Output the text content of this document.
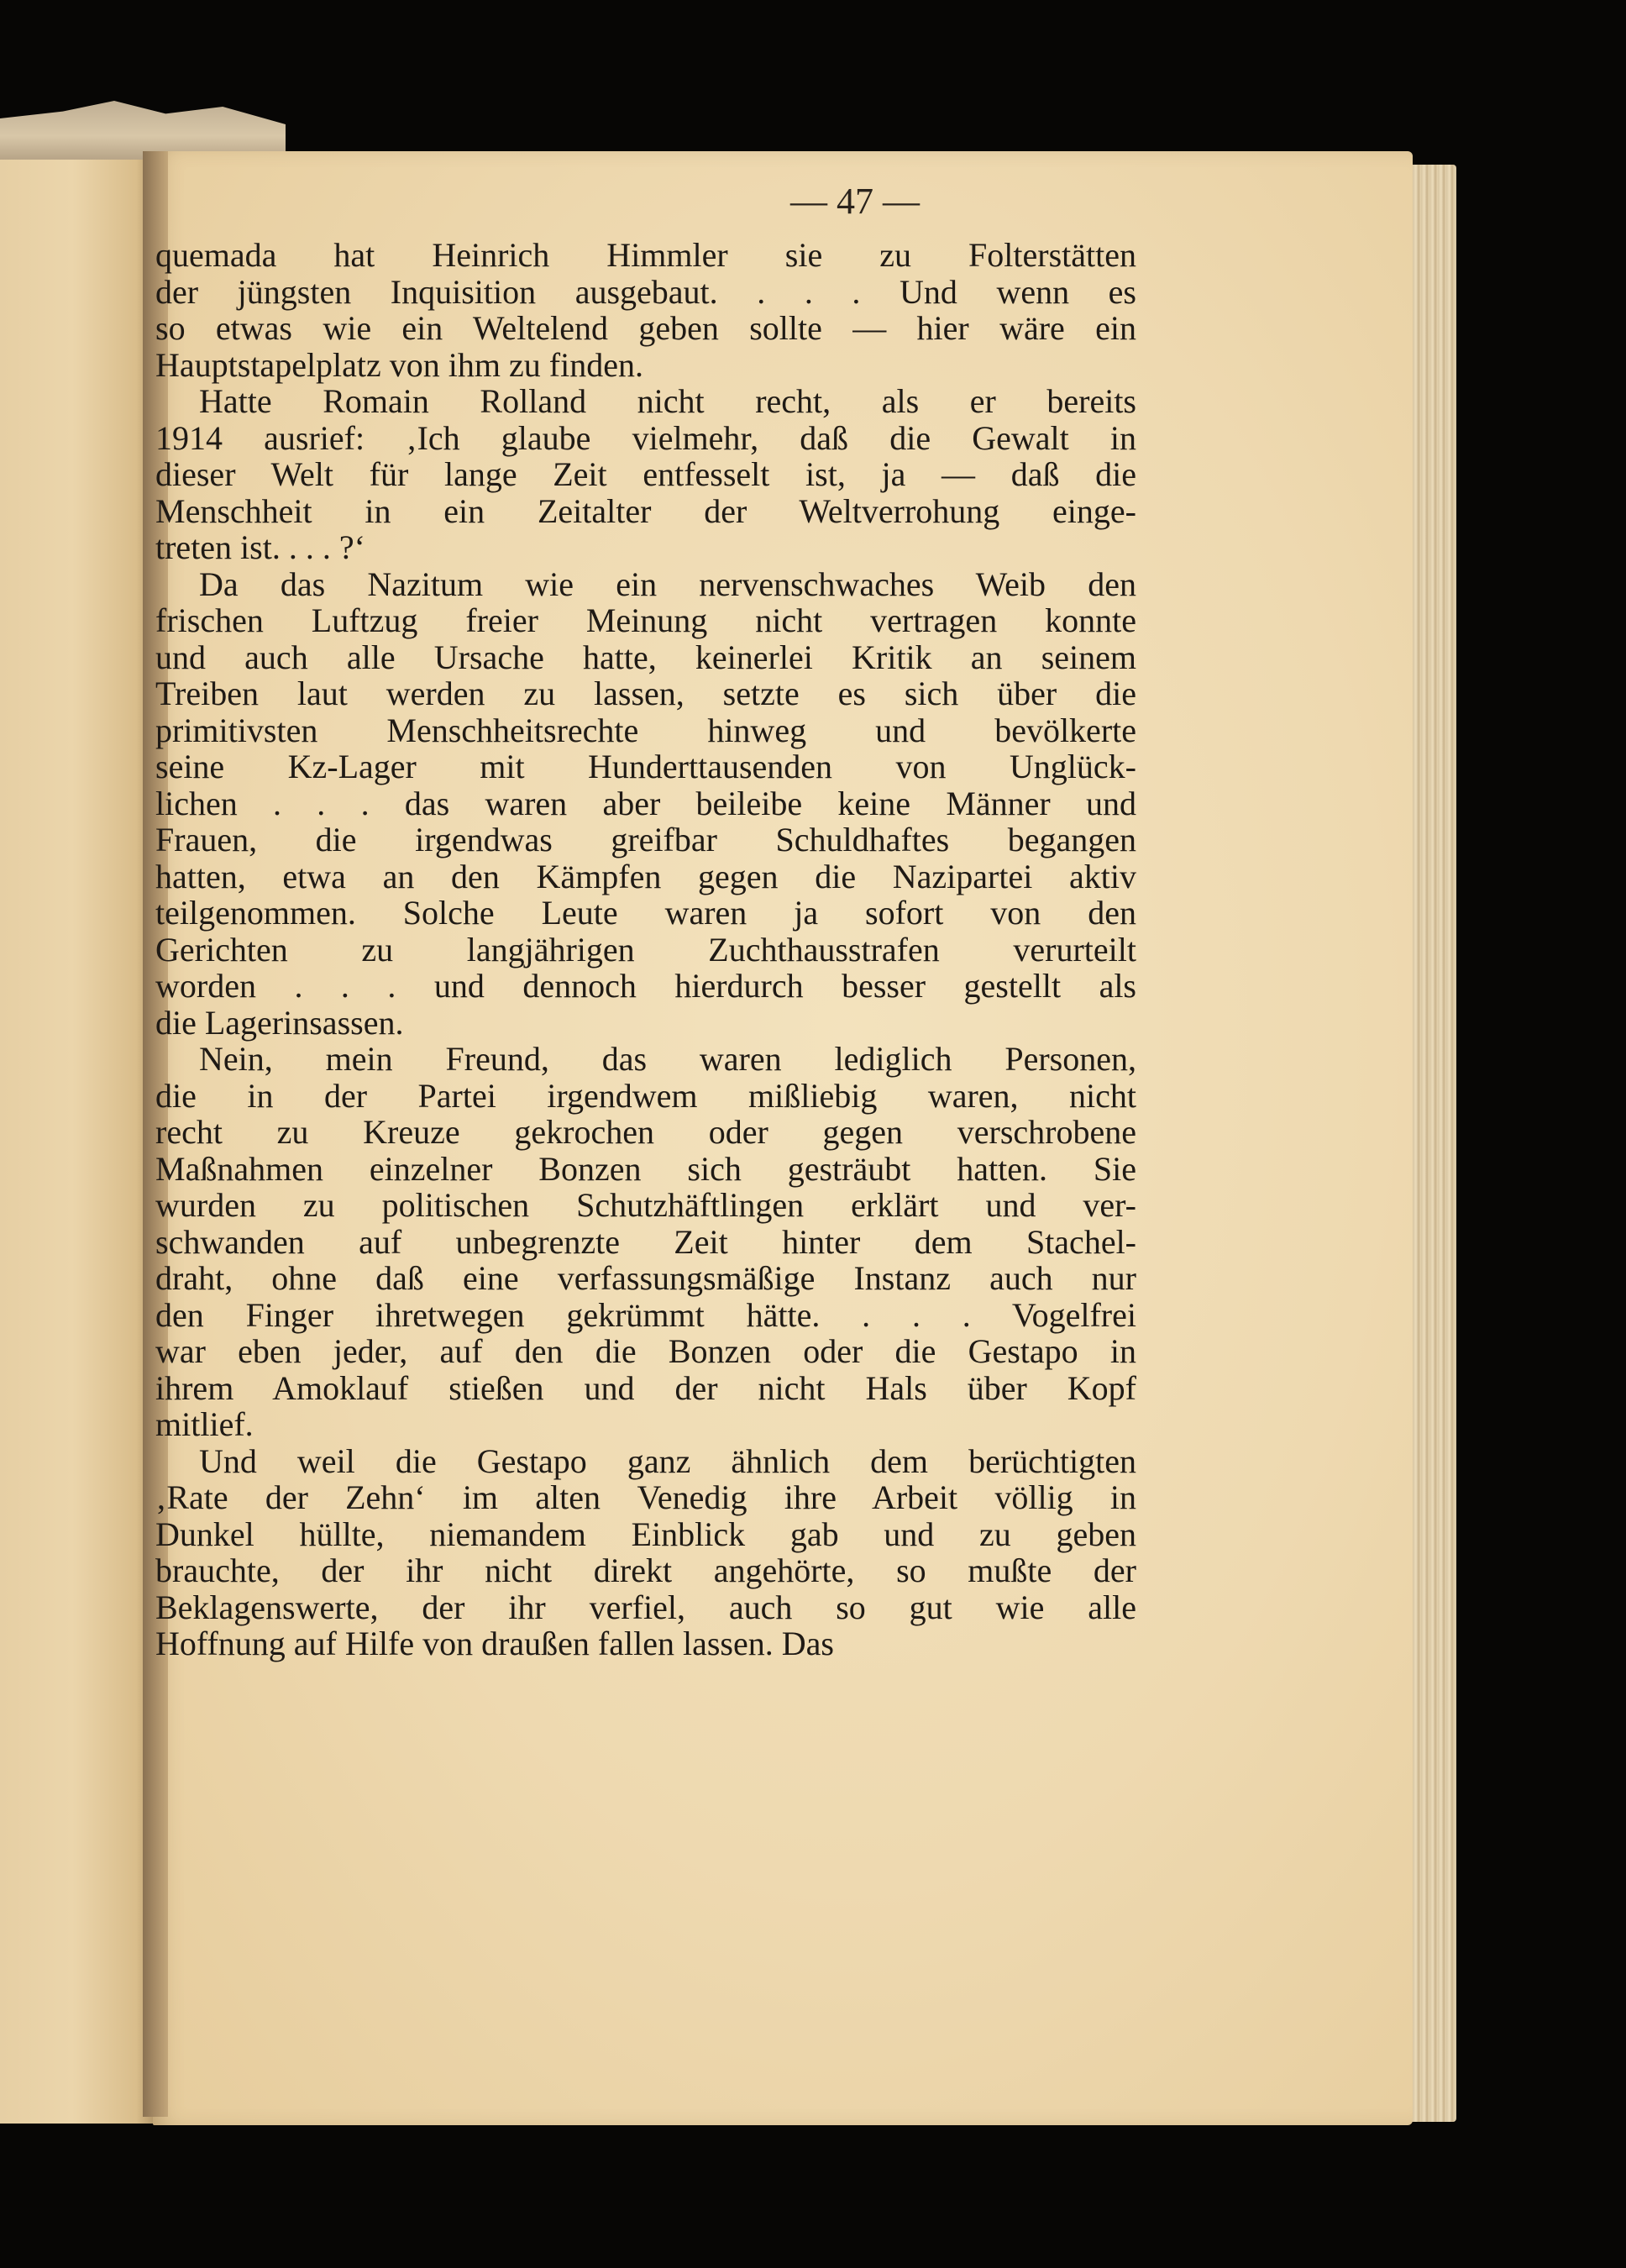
— 47 —

quemada hat Heinrich Himmler sie zu Folterstätten
der jüngsten Inquisition ausgebaut. . . . Und wenn es
so etwas wie ein Weltelend geben sollte — hier wäre ein
Hauptstapelplatz von ihm zu finden.

Hatte Romain Rolland nicht recht, als er bereits
1914 ausrief: ‚Ich glaube vielmehr, daß die Gewalt in
dieser Welt für lange Zeit entfesselt ist, ja — daß die
Menschheit in ein Zeitalter der Weltverrohung einge-
treten ist. . . . ?‘

Da das Nazitum wie ein nervenschwaches Weib den
frischen Luftzug freier Meinung nicht vertragen konnte
und auch alle Ursache hatte, keinerlei Kritik an seinem
Treiben laut werden zu lassen, setzte es sich über die
primitivsten Menschheitsrechte hinweg und bevölkerte
seine Kz-Lager mit Hunderttausenden von Unglück-
lichen . . . das waren aber beileibe keine Männer und
Frauen, die irgendwas greifbar Schuldhaftes begangen
hatten, etwa an den Kämpfen gegen die Nazipartei aktiv
teilgenommen. Solche Leute waren ja sofort von den
Gerichten zu langjährigen Zuchthausstrafen verurteilt
worden . . . und dennoch hierdurch besser gestellt als
die Lagerinsassen.

Nein, mein Freund, das waren lediglich Personen,
die in der Partei irgendwem mißliebig waren, nicht
recht zu Kreuze gekrochen oder gegen verschrobene
Maßnahmen einzelner Bonzen sich gesträubt hatten. Sie
wurden zu politischen Schutzhäftlingen erklärt und ver-
schwanden auf unbegrenzte Zeit hinter dem Stachel-
draht, ohne daß eine verfassungsmäßige Instanz auch nur
den Finger ihretwegen gekrümmt hätte. . . . Vogelfrei
war eben jeder, auf den die Bonzen oder die Gestapo in
ihrem Amoklauf stießen und der nicht Hals über Kopf
mitlief.

Und weil die Gestapo ganz ähnlich dem berüchtigten
‚Rate der Zehn‘ im alten Venedig ihre Arbeit völlig in
Dunkel hüllte, niemandem Einblick gab und zu geben
brauchte, der ihr nicht direkt angehörte, so mußte der
Beklagenswerte, der ihr verfiel, auch so gut wie alle
Hoffnung auf Hilfe von draußen fallen lassen. Das
